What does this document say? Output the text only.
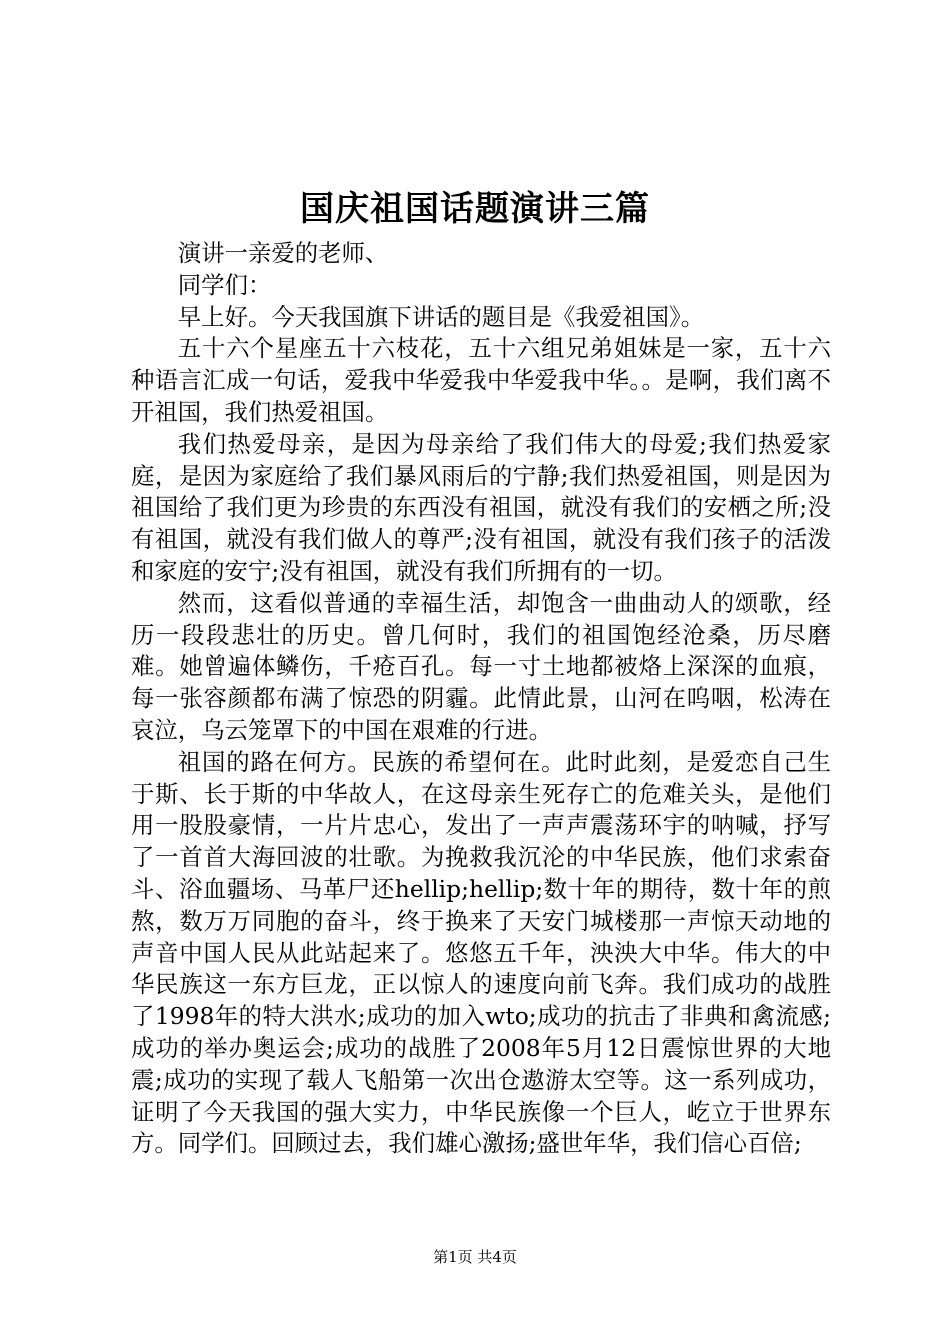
国庆祖国话题演讲三篇

演讲一亲爱的老师、

同学们：

早上好。今天我国旗下讲话的题目是《我爱祖国》。

五十六个星座五十六枝花，五十六组兄弟姐妹是一家，五十六种语言汇成一句话，爱我中华爱我中华爱我中华。。是啊，我们离不开祖国，我们热爱祖国。

我们热爱母亲，是因为母亲给了我们伟大的母爱;我们热爱家庭，是因为家庭给了我们暴风雨后的宁静;我们热爱祖国，则是因为祖国给了我们更为珍贵的东西没有祖国，就没有我们的安栖之所;没有祖国，就没有我们做人的尊严;没有祖国，就没有我们孩子的活泼和家庭的安宁;没有祖国，就没有我们所拥有的一切。

然而，这看似普通的幸福生活，却饱含一曲曲动人的颂歌，经历一段段悲壮的历史。曾几何时，我们的祖国饱经沧桑，历尽磨难。她曾遍体鳞伤，千疮百孔。每一寸土地都被烙上深深的血痕，每一张容颜都布满了惊恐的阴霾。此情此景，山河在呜咽，松涛在哀泣，乌云笼罩下的中国在艰难的行进。

祖国的路在何方。民族的希望何在。此时此刻，是爱恋自己生于斯、长于斯的中华故人，在这母亲生死存亡的危难关头，是他们用一股股豪情，一片片忠心，发出了一声声震荡环宇的呐喊，抒写了一首首大海回波的壮歌。为挽救我沉沦的中华民族，他们求索奋斗、浴血疆场、马革尸还hellip;hellip;数十年的期待，数十年的煎熬，数万万同胞的奋斗，终于换来了天安门城楼那一声惊天动地的声音中国人民从此站起来了。悠悠五千年，泱泱大中华。伟大的中华民族这一东方巨龙，正以惊人的速度向前飞奔。我们成功的战胜了1998年的特大洪水;成功的加入wto;成功的抗击了非典和禽流感;成功的举办奥运会;成功的战胜了2008年5月12日震惊世界的大地震;成功的实现了载人飞船第一次出仓遨游太空等。这一系列成功，证明了今天我国的强大实力，中华民族像一个巨人，屹立于世界东方。同学们。回顾过去，我们雄心激扬;盛世年华，我们信心百倍;

第1页 共4页
